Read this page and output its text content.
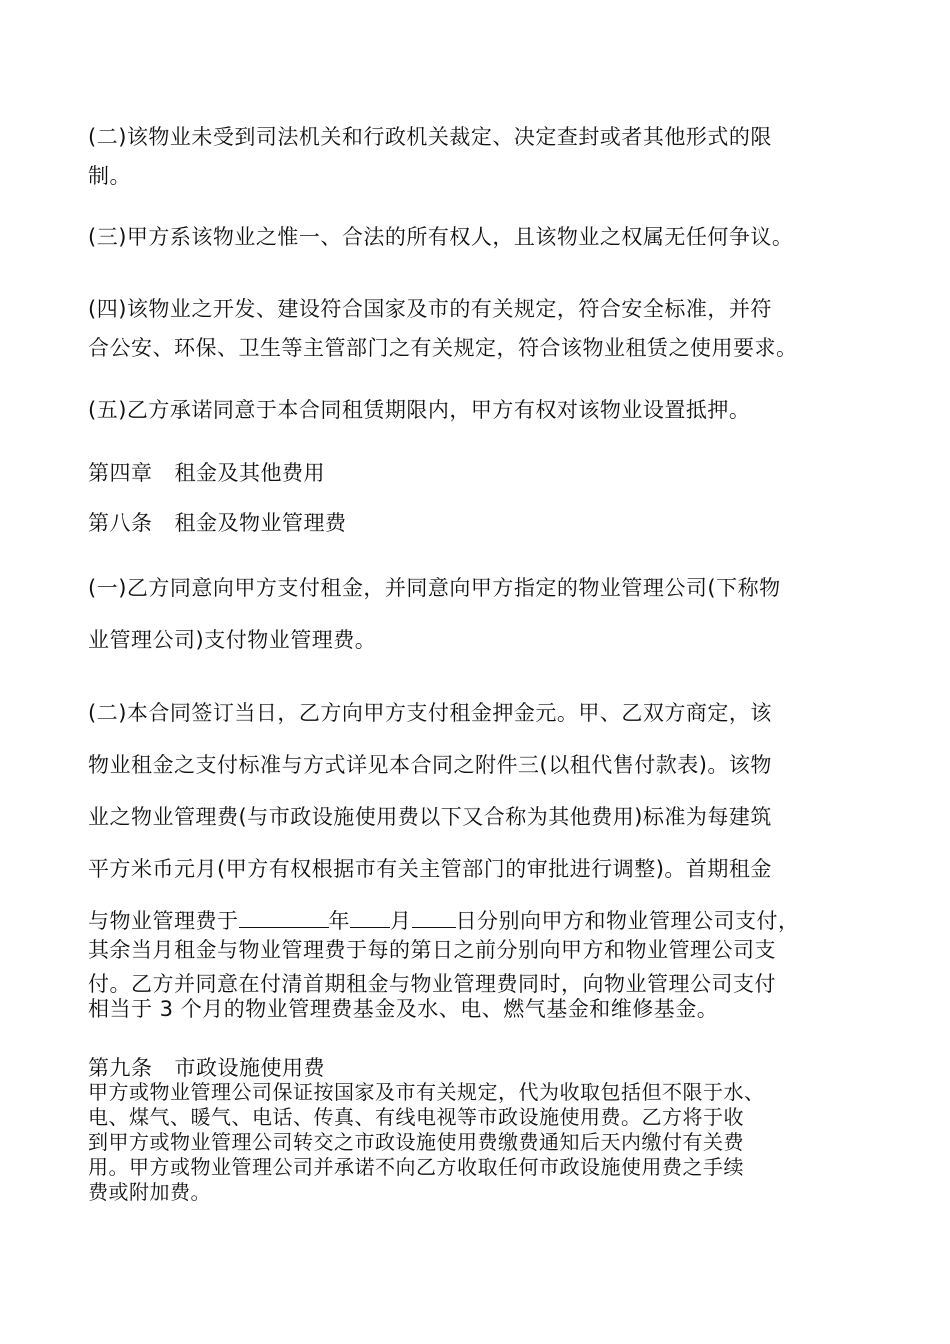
(二)该物业未受到司法机关和行政机关裁定、决定查封或者其他形式的限
制。
(三)甲方系该物业之惟一、合法的所有权人，且该物业之权属无任何争议。
(四)该物业之开发、建设符合国家及市的有关规定，符合安全标准，并符
合公安、环保、卫生等主管部门之有关规定，符合该物业租赁之使用要求。
(五)乙方承诺同意于本合同租赁期限内，甲方有权对该物业设置抵押。
第四章 租金及其他费用
第八条 租金及物业管理费
(一)乙方同意向甲方支付租金，并同意向甲方指定的物业管理公司(下称物
业管理公司)支付物业管理费。
(二)本合同签订当日，乙方向甲方支付租金押金元。甲、乙双方商定，该
物业租金之支付标准与方式详见本合同之附件三(以租代售付款表)。该物
业之物业管理费(与市政设施使用费以下又合称为其他费用)标准为每建筑
平方米币元月(甲方有权根据市有关主管部门的审批进行调整)。首期租金
与物业管理费于	年 月 日分别向甲方和物业管理公司支付，
其余当月租金与物业管理费于每的第日之前分别向甲方和物业管理公司支
付。乙方并同意在付清首期租金与物业管理费同时，向物业管理公司支付
相当于 3 个月的物业管理费基金及水、电、燃气基金和维修基金。
第九条 市政设施使用费
甲方或物业管理公司保证按国家及市有关规定，代为收取包括但不限于水、
电、煤气、暖气、电话、传真、有线电视等市政设施使用费。乙方将于收
到甲方或物业管理公司转交之市政设施使用费缴费通知后天内缴付有关费
用。甲方或物业管理公司并承诺不向乙方收取任何市政设施使用费之手续
费或附加费。
